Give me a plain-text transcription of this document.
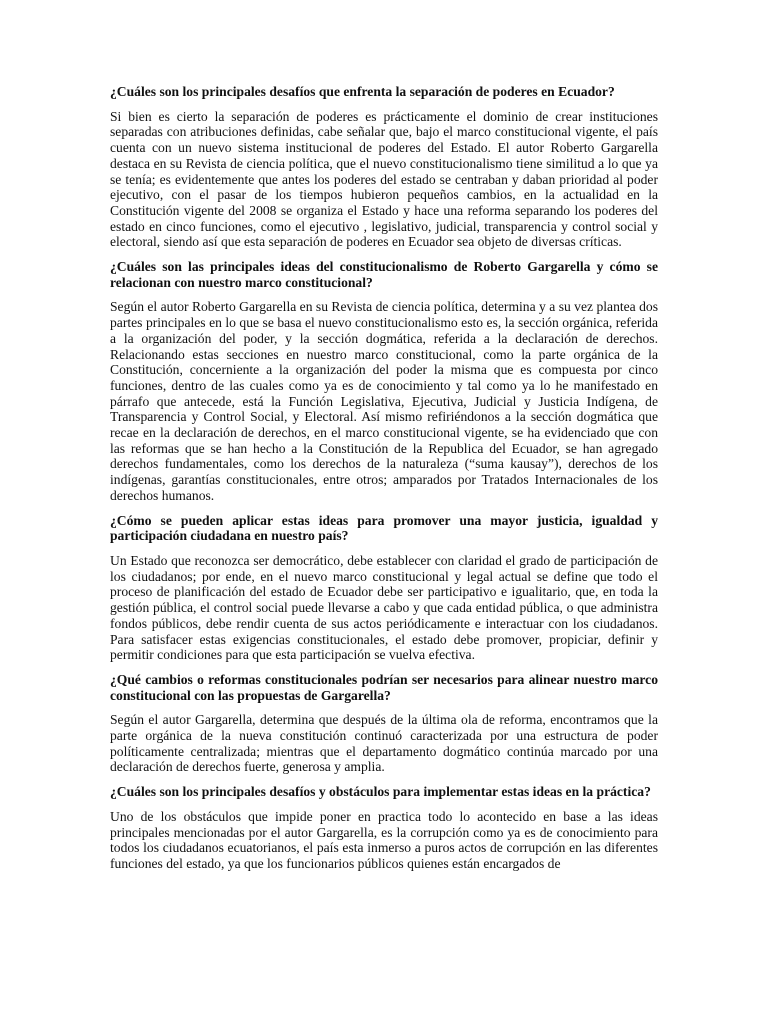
¿Cuáles son los principales desafíos que enfrenta la separación de poderes en Ecuador?

Si bien es cierto la separación de poderes es prácticamente el dominio de crear instituciones separadas con atribuciones definidas, cabe señalar que, bajo el marco constitucional vigente, el país cuenta con un nuevo sistema institucional de poderes del Estado. El autor Roberto Gargarella destaca en su Revista de ciencia política, que el nuevo constitucionalismo tiene similitud a lo que ya se tenía; es evidentemente que antes los poderes del estado se centraban y daban prioridad al poder ejecutivo, con el pasar de los tiempos hubieron pequeños cambios, en la actualidad en la Constitución vigente del 2008 se organiza el Estado y hace una reforma separando los poderes del estado en cinco funciones, como el ejecutivo , legislativo, judicial, transparencia y control social y electoral, siendo así que esta separación de poderes en Ecuador sea objeto de diversas críticas.

¿Cuáles son las principales ideas del constitucionalismo de Roberto Gargarella y cómo se relacionan con nuestro marco constitucional?

Según el autor Roberto Gargarella en su Revista de ciencia política, determina y a su vez plantea dos partes principales en lo que se basa el nuevo constitucionalismo esto es, la sección orgánica, referida a la organización del poder, y la sección dogmática, referida a la declaración de derechos. Relacionando estas secciones en nuestro marco constitucional, como la parte orgánica de la Constitución, concerniente a la organización del poder la misma que es compuesta por cinco funciones, dentro de las cuales como ya es de conocimiento y tal como ya lo he manifestado en párrafo que antecede, está la Función Legislativa, Ejecutiva, Judicial y Justicia Indígena, de Transparencia y Control Social, y Electoral. Así mismo refiriéndonos a la sección dogmática que recae en la declaración de derechos, en el marco constitucional vigente, se ha evidenciado que con las reformas que se han hecho a la Constitución de la Republica del Ecuador, se han agregado derechos fundamentales, como los derechos de la naturaleza (“suma kausay”), derechos de los indígenas, garantías constitucionales, entre otros; amparados por Tratados Internacionales de los derechos humanos.

¿Cómo se pueden aplicar estas ideas para promover una mayor justicia, igualdad y participación ciudadana en nuestro país?

Un Estado que reconozca ser democrático, debe establecer con claridad el grado de participación de los ciudadanos; por ende, en el nuevo marco constitucional y legal actual se define que todo el proceso de planificación del estado de Ecuador debe ser participativo e igualitario, que, en toda la gestión pública, el control social puede llevarse a cabo y que cada entidad pública, o que administra fondos públicos, debe rendir cuenta de sus actos periódicamente e interactuar con los ciudadanos. Para satisfacer estas exigencias constitucionales, el estado debe promover, propiciar, definir y permitir condiciones para que esta participación se vuelva efectiva.

¿Qué cambios o reformas constitucionales podrían ser necesarios para alinear nuestro marco constitucional con las propuestas de Gargarella?

Según el autor Gargarella, determina que después de la última ola de reforma, encontramos que la parte orgánica de la nueva constitución continuó caracterizada por una estructura de poder políticamente centralizada; mientras que el departamento dogmático continúa marcado por una declaración de derechos fuerte, generosa y amplia.

¿Cuáles son los principales desafíos y obstáculos para implementar estas ideas en la práctica?

Uno de los obstáculos que impide poner en practica todo lo acontecido en base a las ideas principales mencionadas por el autor Gargarella, es la corrupción como ya es de conocimiento para todos los ciudadanos ecuatorianos, el país esta inmerso a puros actos de corrupción en las diferentes funciones del estado, ya que los funcionarios públicos quienes están encargados de
